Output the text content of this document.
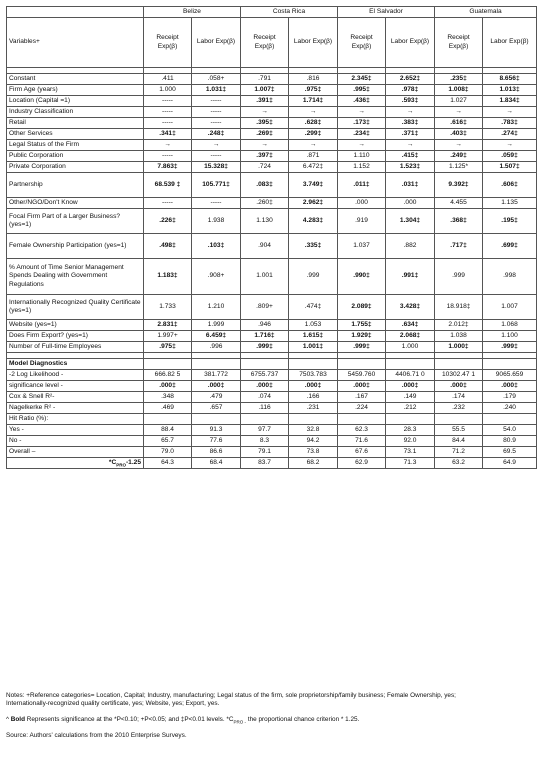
	Belize		Costa Rica		El Salvador		Guatemala	
Variables+	Receipt Exp(β)	Labor Exp(β)	Receipt Exp(β)	Labor Exp(β)	Receipt Exp(β)	Labor Exp(β)	Receipt Exp(β)	Labor Exp(β)

Constant	.411	.058+	.791	.816	2.345‡	2.652‡	.235‡	8.656‡
Firm Age (years)	1.000	1.031‡	1.007‡	.975‡	.995‡	.978‡	1.008‡	1.013‡
Location (Capital =1)	-----	-----	.391‡	1.714‡	.436‡	.593‡	1.027	1.834‡
Industry Classification	-----	-----	→	→	→	→	→	→
Retail	-----	-----	.395‡	.628‡	.173‡	.383‡	.616‡	.783‡
Other Services	.341‡	.248‡	.269‡	.299‡	.234‡	.371‡	.403‡	.274‡
Legal Status of the Firm	→	→	→	→	→	→	→	→
Public Corporation	-----	-----	.397‡	.871	1.110	.415‡	.249‡	.059‡
Private Corporation	7.863‡	15.328‡	.724	6.472‡	1.152	1.523‡	1.125*	1.507‡
Partnership	68.539 ‡	105.771‡	.083‡	3.749‡	.011‡	.031‡	9.392‡	.606‡
Other/NGO/Don't Know	-----	-----	.260‡	2.962‡	.000	.000	4.455	1.135
Focal Firm Part of a Larger Business? (yes=1)	.226‡	1.938	1.130	4.283‡	.919	1.304‡	.368‡	.195‡
Female Ownership Participation (yes=1)	.498‡	.103‡	.904	.335‡	1.037	.882	.717‡	.699‡
% Amount of Time Senior Management Spends Dealing with Government Regulations	1.183‡	.908+	1.001	.999	.990‡	.991‡	.999	.998
Internationally Recognized Quality Certificate (yes=1)	1.733	1.210	.809+	.474‡	2.089‡	3.428‡	18.918‡	1.007
Website (yes=1)	2.831‡	1.999	.946	1.053	1.755‡	.634‡	2.012‡	1.068
Does Firm Export? (yes=1)	1.997+	6.459‡	1.716‡	1.615‡	1.929‡	2.068‡	1.038	1.100
Number of Full-time Employees	.975‡	.996	.999‡	1.001‡	.999‡	1.000	1.000‡	.999‡

Model Diagnostics								
-2 Log Likelihood -	666.82 5	381.772	6755.737	7503.783	5459.760	4406.71 0	10302.47 1	9065.659
significance level -	.000‡	.000‡	.000‡	.000‡	.000‡	.000‡	.000‡	.000‡
Cox & Snell R²-	.348	.479	.074	.166	.167	.149	.174	.179
Nagelkerke R² -	.469	.657	.116	.231	.224	.212	.232	.240
Hit Ratio (%):								
Yes -	88.4	91.3	97.7	32.8	62.3	28.3	55.5	54.0
No -	65.7	77.6	8.3	94.2	71.6	92.0	84.4	80.9
Overall –	79.0	86.6	79.1	73.8	67.6	73.1	71.2	69.5
$*C_{PRO}-1.25$	64.3	68.4	83.7	68.2	62.9	71.3	63.2	64.9

Notes: +Reference categories= Location, Capital; Industry, manufacturing; Legal status of the firm, sole proprietorship/family business; Female Ownership, yes;

Internationally-recognized quality certificate, yes; Website, yes; Export, yes.

^ Bold Represents significance at the *P<0.10; +P<0.05; and ‡P<0.01 levels. $*C_{PRO -}$ the proportional chance criterion * 1.25.

Source: Authors' calculations from the 2010 Enterprise Surveys.
